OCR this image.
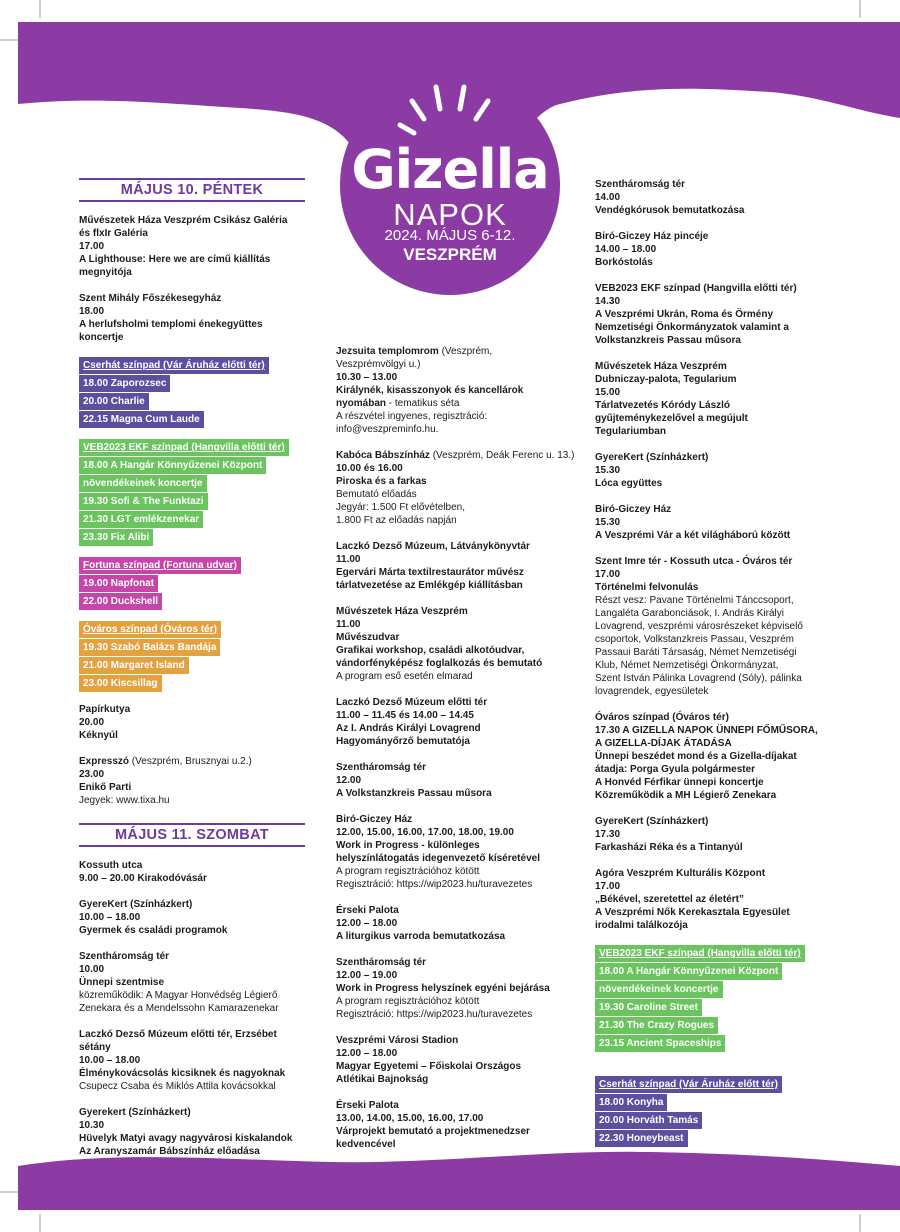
Gizella
NAPOK
2024. MÁJUS 6-12.
VESZPRÉM
MÁJUS 10. PÉNTEK
Művészetek Háza Veszprém Csikász Galéria
és flxIr Galéria
17.00
A Lighthouse: Here we are című kiállítás
megnyitója
Szent Mihály Főszékesegyház
18.00
A herlufsholmi templomi énekegyüttes
koncertje
Cserhát színpad (Vár Áruház előtti tér)
18.00 Zaporozsec
20.00 Charlie
22.15 Magna Cum Laude
VEB2023 EKF színpad (Hangvilla előtti tér)
18.00 A Hangár Könnyűzenei Központ
növendékeinek koncertje
19.30 Sofi & The Funktazi
21.30 LGT emlékzenekar
23.30 Fix Alibi
Fortuna színpad (Fortuna udvar)
19.00 Napfonat
22.00 Duckshell
Óváros színpad (Óváros tér)
19.30 Szabó Balázs Bandája
21.00 Margaret Island
23.00 Kiscsillag
Papírkutya
20.00
Kéknyúl
Expresszó (Veszprém, Brusznyai u.2.)
23.00
Enikő Parti
Jegyek: www.tixa.hu
MÁJUS 11. SZOMBAT
Kossuth utca
9.00 – 20.00 Kirakodóvásár
GyereKert (Színházkert)
10.00 – 18.00
Gyermek és családi programok
Szentháromság tér
10.00
Ünnepi szentmise
közreműködik: A Magyar Honvédség Légierő
Zenekara és a Mendelssohn Kamarazenekar
Laczkó Dezső Múzeum előtti tér, Erzsébet
sétány
10.00 – 18.00
Élménykovácsolás kicsiknek és nagyoknak
Csupecz Csaba és Miklós Attila kovácsokkal
Gyerekert (Színházkert)
10.30
Hüvelyk Matyi avagy nagyvárosi kiskalandok
Az Aranyszamár Bábszínház előadása
Jezsuita templomrom (Veszprém,
Veszprémvölgyi u.)
10.30 – 13.00
Királynék, kisasszonyok és kancellárok
nyomában - tematikus séta
A részvétel ingyenes, regisztráció:
info@veszpreminfo.hu.
Kabóca Bábszínház (Veszprém, Deák Ferenc u. 13.)
10.00 és 16.00
Piroska és a farkas
Bemutató előadás
Jegyár: 1.500 Ft elővételben,
1.800 Ft az előadás napján
Laczkó Dezső Múzeum, Látványkönyvtár
11.00
Egervári Márta textilrestaurátor művész
tárlatvezetése az Emlékgép kiállításban
Művészetek Háza Veszprém
11.00
Művészudvar
Grafikai workshop, családi alkotóudvar,
vándorfényképész foglalkozás és bemutató
A program eső esetén elmarad
Laczkó Dezső Múzeum előtti tér
11.00 – 11.45 és 14.00 – 14.45
Az I. András Királyi Lovagrend
Hagyományőrző bemutatója
Szentháromság tér
12.00
A Volkstanzkreis Passau műsora
Biró-Giczey Ház
12.00, 15.00, 16.00, 17.00, 18.00, 19.00
Work in Progress - különleges
helyszínlátogatás idegenvezető kíséretével
A program regisztrációhoz kötött
Regisztráció: https://wip2023.hu/turavezetes
Érseki Palota
12.00 – 18.00
A liturgikus varroda bemutatkozása
Szentháromság tér
12.00 – 19.00
Work in Progress helyszínek egyéni bejárása
A program regisztrációhoz kötött
Regisztráció: https://wip2023.hu/turavezetes
Veszprémi Városi Stadion
12.00 – 18.00
Magyar Egyetemi – Főiskolai Országos
Atlétikai Bajnokság
Érseki Palota
13.00, 14.00, 15.00, 16.00, 17.00
Várprojekt bemutató a projektmenedzser
kedvencével
Szentháromság tér
14.00
Vendégkórusok bemutatkozása
Biró-Giczey Ház pincéje
14.00 – 18.00
Borkóstolás
VEB2023 EKF színpad (Hangvilla előtti tér)
14.30
A Veszprémi Ukrán, Roma és Örmény
Nemzetiségi Önkormányzatok valamint a
Volkstanzkreis Passau műsora
Művészetek Háza Veszprém
Dubniczay-palota, Tegularium
15.00
Tárlatvezetés Kóródy László
gyűjteménykezelővel a megújult
Tegulariumban
GyereKert (Színházkert)
15.30
Lóca együttes
Biró-Giczey Ház
15.30
A Veszprémi Vár a két világháború között
Szent Imre tér - Kossuth utca - Óváros tér
17.00
Történelmi felvonulás
Részt vesz: Pavane Történelmi Tánccsoport,
Langaléta Garabonciások, I. András Királyi
Lovagrend, veszprémi városrészeket képviselő
csoportok, Volkstanzkreis Passau, Veszprém
Passaui Baráti Társaság, Német Nemzetiségi
Klub, Német Nemzetiségi Önkormányzat,
Szent István Pálinka Lovagrend (Sóly), pálinka
lovagrendek, egyesületek
Óváros színpad (Óváros tér)
17.30 A GIZELLA NAPOK ÜNNEPI FŐMŰSORA,
A GIZELLA-DÍJAK ÁTADÁSA
Ünnepi beszédet mond és a Gizella-díjakat
átadja: Porga Gyula polgármester
A Honvéd Férfikar ünnepi koncertje
Közreműködik a MH Légierő Zenekara
GyereKert (Színházkert)
17.30
Farkasházi Réka és a Tintanyúl
Agóra Veszprém Kulturális Központ
17.00
„Békével, szeretettel az életért”
A Veszprémi Nők Kerekasztala Egyesület
irodalmi találkozója
VEB2023 EKF színpad (Hangvilla előtti tér)
18.00 A Hangár Könnyűzenei Központ
növendékeinek koncertje
19.30 Caroline Street
21.30 The Crazy Rogues
23.15 Ancient Spaceships
Cserhát színpad (Vár Áruház előtt tér)
18.00 Konyha
20.00 Horváth Tamás
22.30 Honeybeast
